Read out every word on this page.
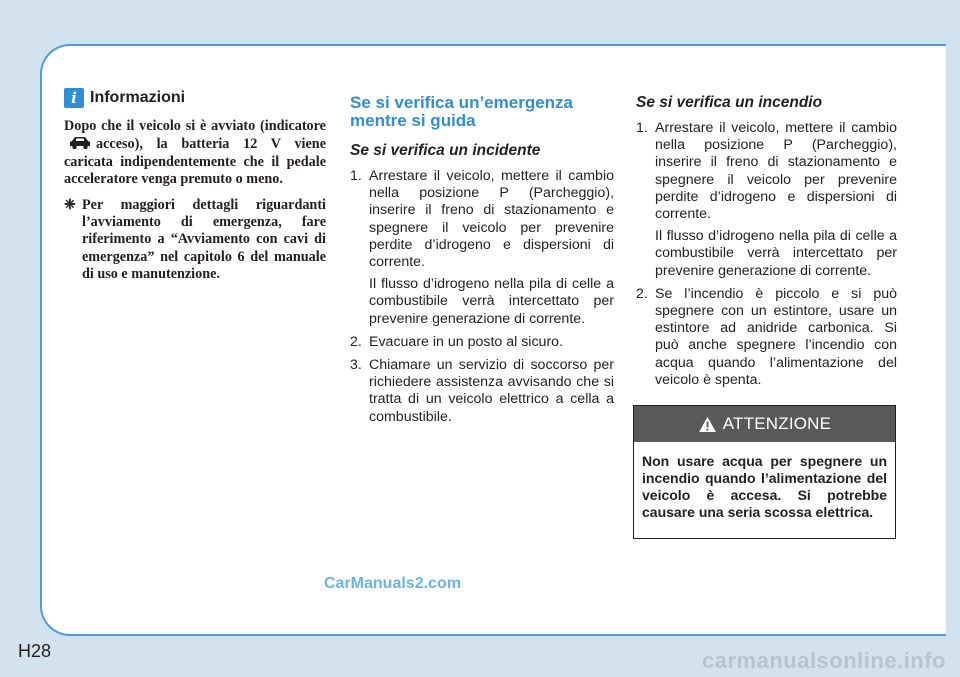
i Informazioni

Dopo che il veicolo si è avviato (indicatoreacceso), la batteria 12 V viene caricata indipendentemente che il pedale acceleratore venga premuto o meno.

❈ Per maggiori dettagli riguardanti l’avviamento di emergenza, fare riferimento a “Avviamento con cavi di emergenza” nel capitolo 6 del manuale di uso e manutenzione.

Se si verifica un’emergenza mentre si guida
Se si verifica un incidente
1. Arrestare il veicolo, mettere il cambio nella posizione P (Parcheggio), inserire il freno di stazionamento e spegnere il veicolo per prevenire perdite d’idrogeno e dispersioni di corrente.

Il flusso d’idrogeno nella pila di celle a combustibile verrà intercettato per prevenire generazione di corrente.

2. Evacuare in un posto al sicuro.

3. Chiamare un servizio di soccorso per richiedere assistenza avvisando che si tratta di un veicolo elettrico a cella a combustibile.

Se si verifica un incendio
1. Arrestare il veicolo, mettere il cambio nella posizione P (Parcheggio), inserire il freno di stazionamento e spegnere il veicolo per prevenire perdite d’idrogeno e dispersioni di corrente.

Il flusso d’idrogeno nella pila di celle a combustibile verrà intercettato per prevenire generazione di corrente.

2. Se l’incendio è piccolo e si può spegnere con un estintore, usare un estintore ad anidride carbonica. Si può anche spegnere l’incendio con acqua quando l’alimentazione del veicolo è spenta.

ATTENZIONE

Non usare acqua per spegnere un incendio quando l’alimentazione del veicolo è accesa. Si potrebbe causare una seria scossa elettrica.

CarManuals2.com
H28	carmanualsonline.info
